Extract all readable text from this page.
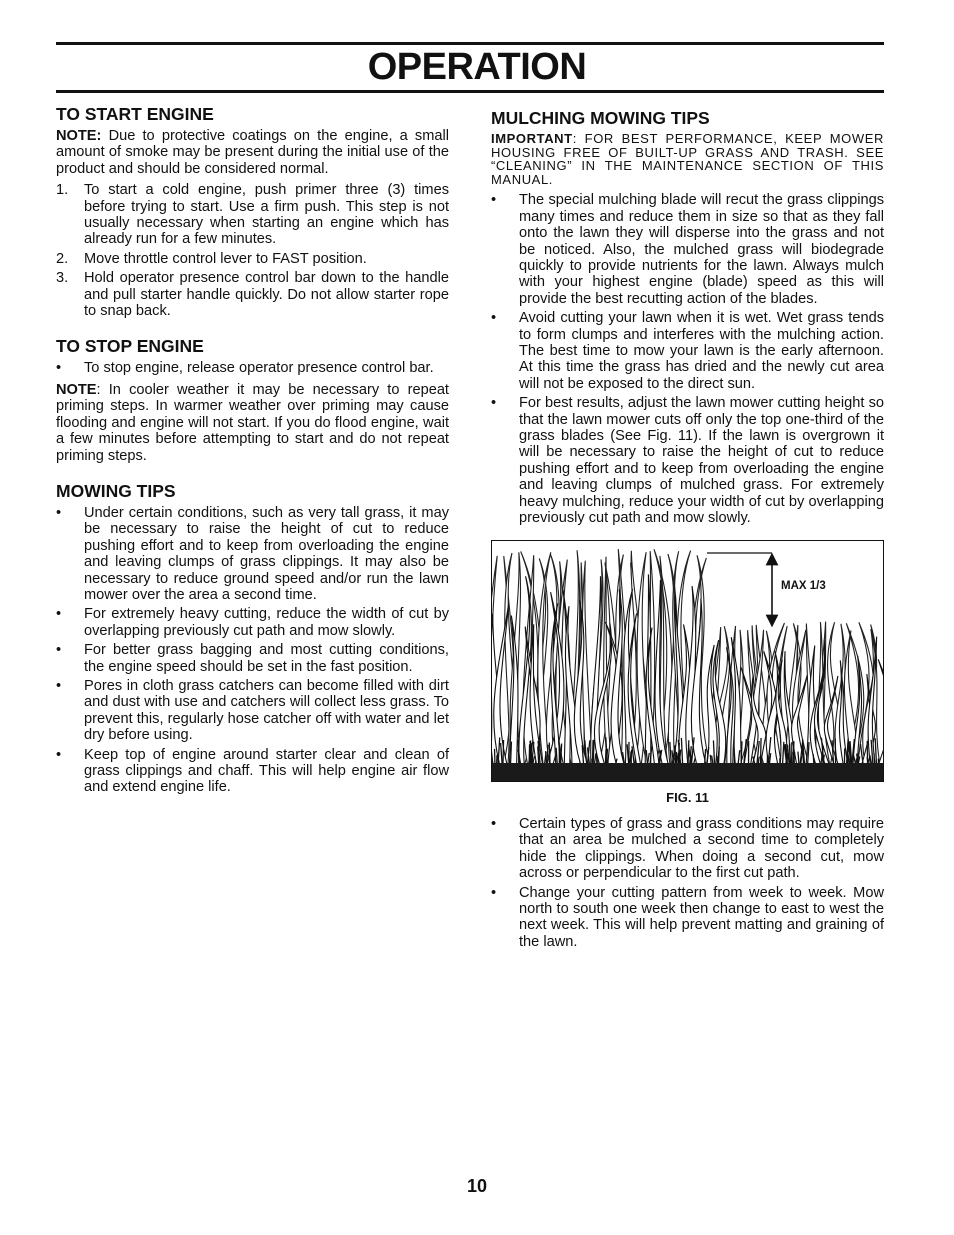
OPERATION
TO START ENGINE

NOTE: Due to protective coatings on the engine, a small amount of smoke may be present during the initial use of the product and should be considered normal.

1. To start a cold engine, push primer three (3) times before trying to start. Use a firm push. This step is not usually necessary when starting an engine which has already run for a few minutes.
2. Move throttle control lever to FAST position.
3. Hold operator presence control bar down to the handle and pull starter handle quickly. Do not allow starter rope to snap back.
TO STOP ENGINE
• To stop engine, release operator presence control bar.

NOTE: In cooler weather it may be necessary to repeat priming steps. In warmer weather over priming may cause flooding and engine will not start. If you do flood engine, wait a few minutes before attempting to start and do not repeat priming steps.

MOWING TIPS
• Under certain conditions, such as very tall grass, it may be necessary to raise the height of cut to reduce pushing effort and to keep from overloading the engine and leaving clumps of grass clippings. It may also be necessary to reduce ground speed and/or run the lawn mower over the area a second time.
• For extremely heavy cutting, reduce the width of cut by overlapping previously cut path and mow slowly.
• For better grass bagging and most cutting conditions, the engine speed should be set in the fast position.
• Pores in cloth grass catchers can become filled with dirt and dust with use and catchers will collect less grass. To prevent this, regularly hose catcher off with water and let dry before using.
• Keep top of engine around starter clear and clean of grass clippings and chaff. This will help engine air flow and extend engine life.
MULCHING MOWING TIPS

IMPORTANT: FOR BEST PERFORMANCE, KEEP MOWER HOUSING FREE OF BUILT-UP GRASS AND TRASH. SEE “CLEANING” IN THE MAINTENANCE SECTION OF THIS MANUAL.

• The special mulching blade will recut the grass clippings many times and reduce them in size so that as they fall onto the lawn they will disperse into the grass and not be noticed. Also, the mulched grass will biodegrade quickly to provide nutrients for the lawn. Always mulch with your highest engine (blade) speed as this will provide the best recutting action of the blades.
• Avoid cutting your lawn when it is wet. Wet grass tends to form clumps and interferes with the mulching action. The best time to mow your lawn is the early afternoon. At this time the grass has dried and the newly cut area will not be exposed to the direct sun.
• For best results, adjust the lawn mower cutting height so that the lawn mower cuts off only the top one-third of the grass blades (See Fig. 11). If the lawn is overgrown it will be necessary to raise the height of cut to reduce pushing effort and to keep from overloading the engine and leaving clumps of mulched grass. For extremely heavy mulching, reduce your width of cut by overlapping previously cut path and mow slowly.
MAX 1/3
FIG. 11
• Certain types of grass and grass conditions may require that an area be mulched a second time to completely hide the clippings. When doing a second cut, mow across or perpendicular to the first cut path.
• Change your cutting pattern from week to week. Mow north to south one week then change to east to west the next week. This will help prevent matting and graining of the lawn.
10
